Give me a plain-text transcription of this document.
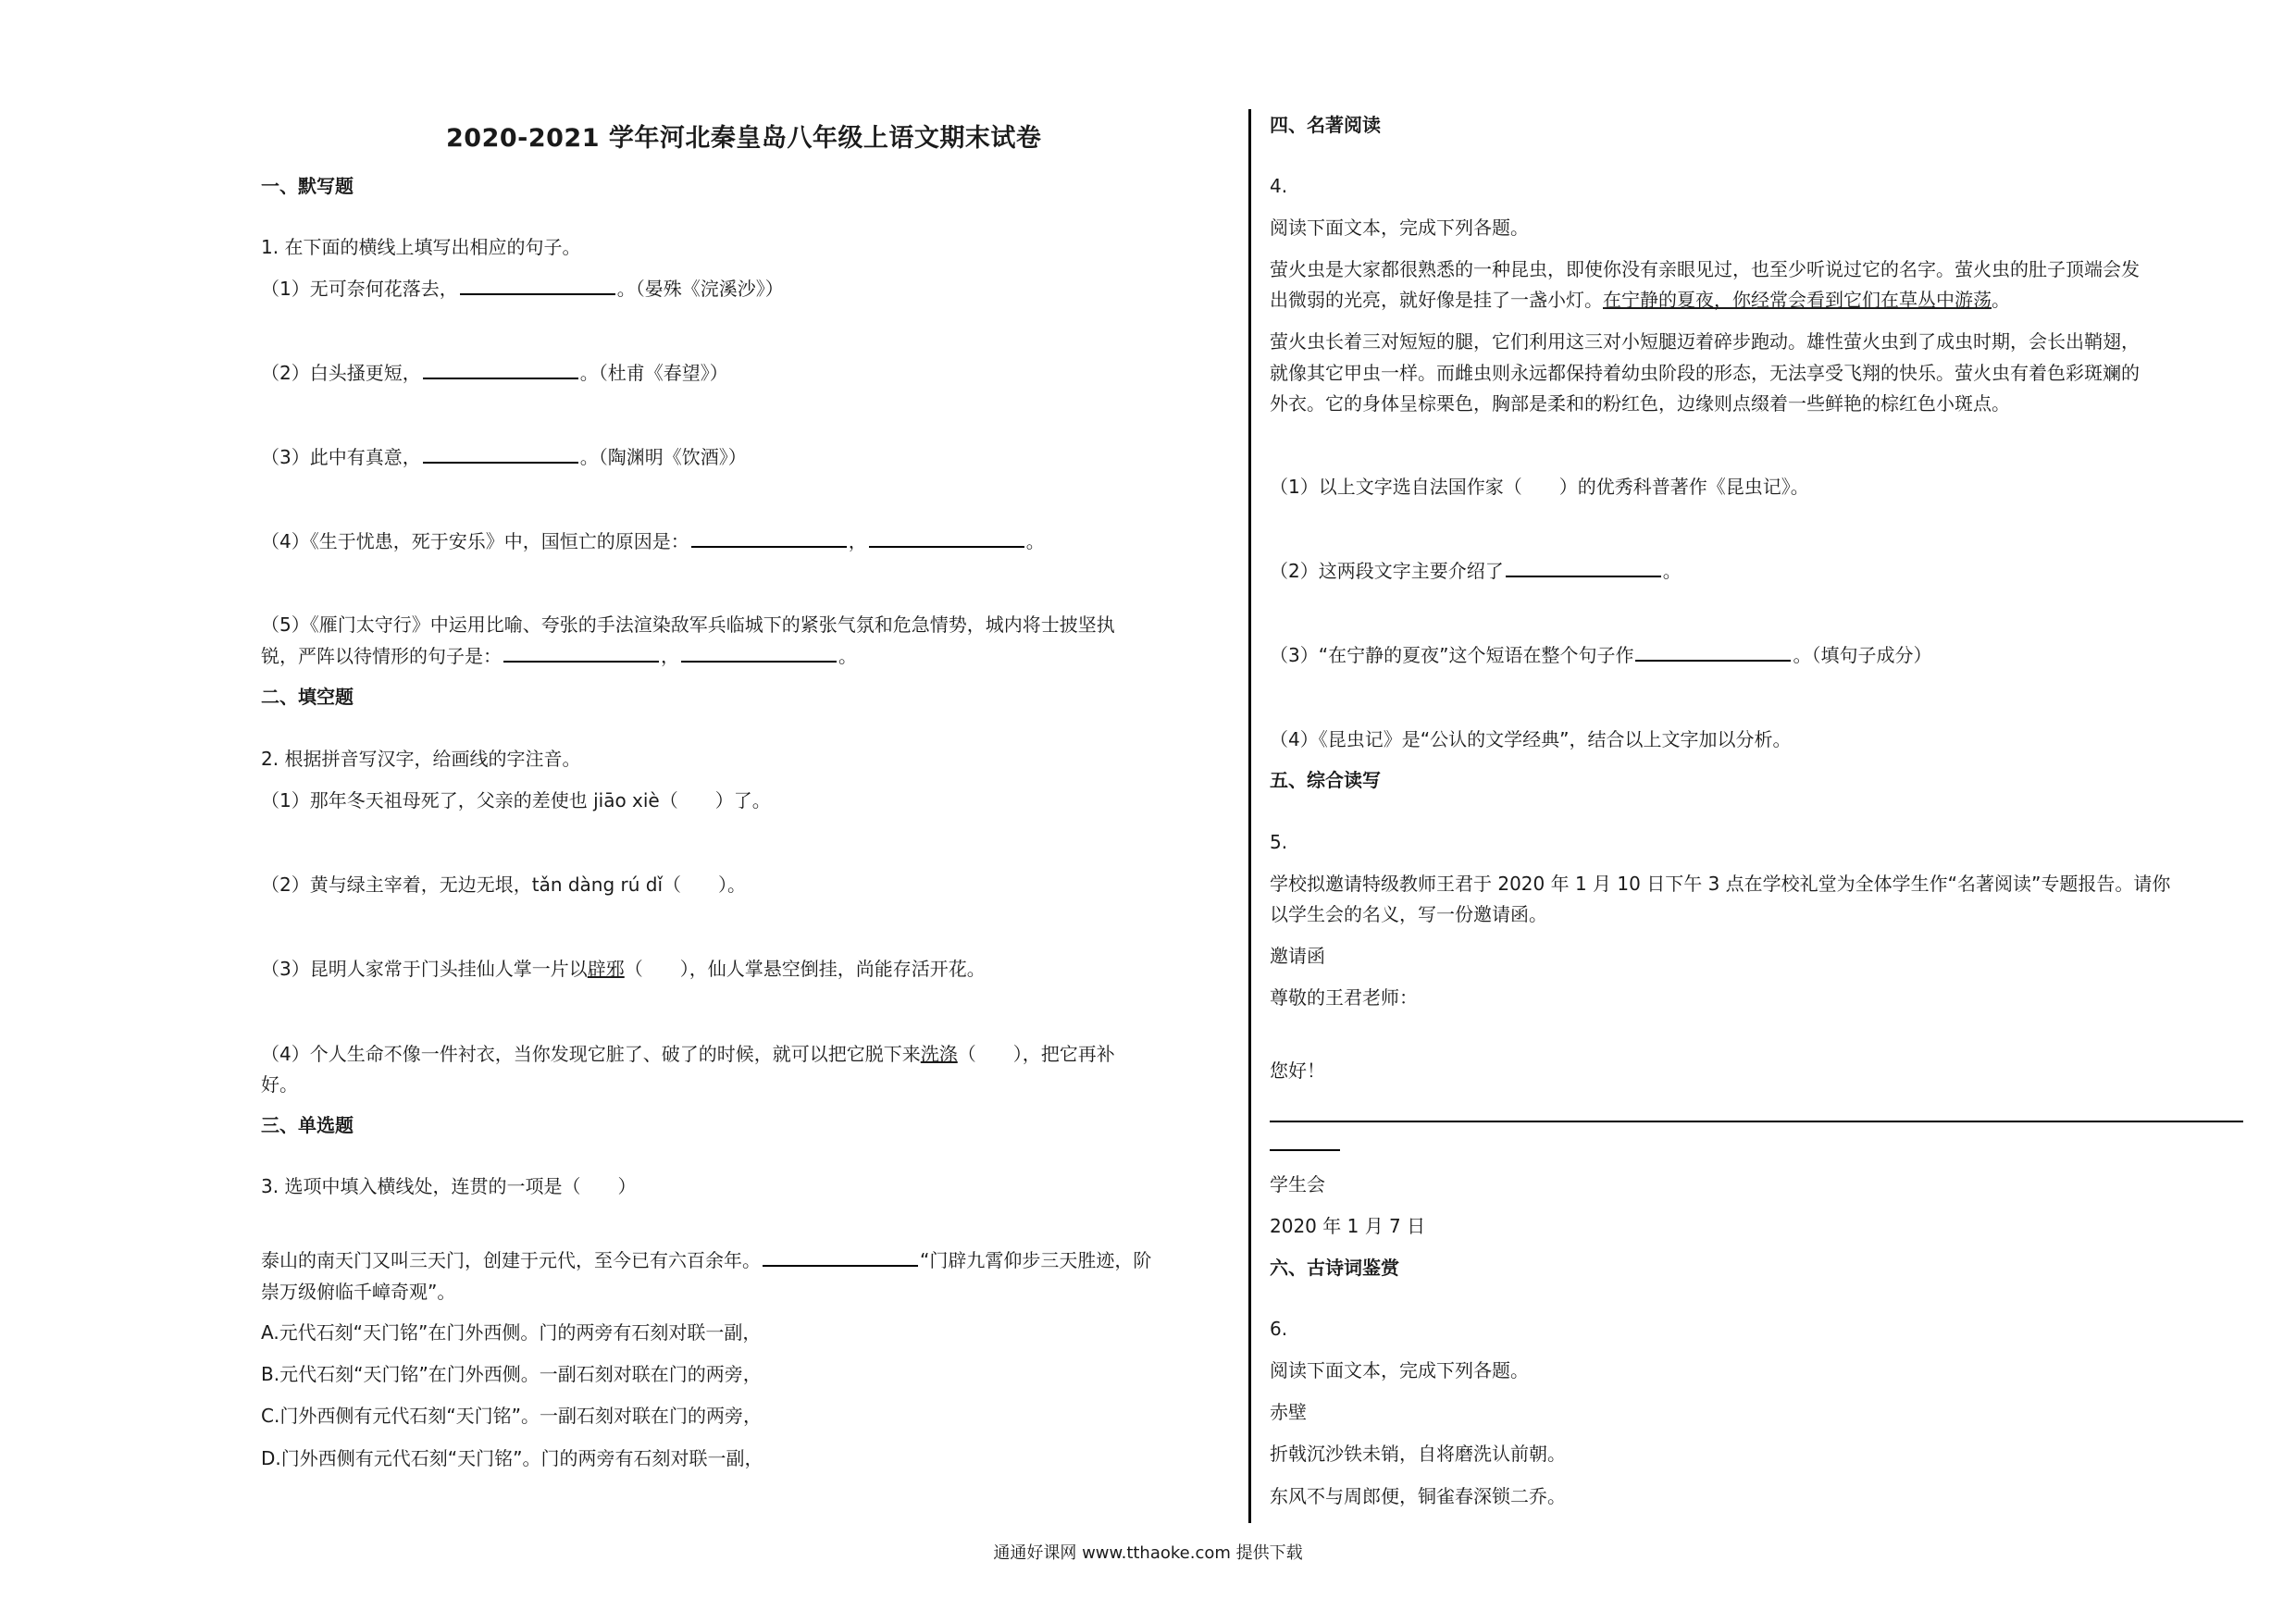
2020-2021 学年河北秦皇岛八年级上语文期末试卷
一、默写题
1. 在下面的横线上填写出相应的句子。
（1）无可奈何花落去，	。（晏殊《浣溪沙》）
（2）白头搔更短，	。（杜甫《春望》）
（3）此中有真意，	。（陶渊明《饮酒》）
（4）《生于忧患，死于安乐》中，国恒亡的原因是：	，	。
（5）《雁门太守行》中运用比喻、夸张的手法渲染敌军兵临城下的紧张气氛和危急情势，城内将士披坚执
锐，严阵以待情形的句子是：	，	。
二、填空题
2. 根据拼音写汉字，给画线的字注音。
（1）那年冬天祖母死了，父亲的差使也 jiāo xiè（　　）了。
（2）黄与绿主宰着，无边无垠，tǎn dàng rú dǐ（　　）。
（3）昆明人家常于门头挂仙人掌一片以辟邪（　　），仙人掌悬空倒挂，尚能存活开花。
（4）个人生命不像一件衬衣，当你发现它脏了、破了的时候，就可以把它脱下来洗涤（　　），把它再补
好。
三、单选题
3. 选项中填入横线处，连贯的一项是（　　）
泰山的南天门又叫三天门，创建于元代，至今已有六百余年。	“门辟九霄仰步三天胜迹，阶
崇万级俯临千嶂奇观”。
A.元代石刻“天门铭”在门外西侧。门的两旁有石刻对联一副，
B.元代石刻“天门铭”在门外西侧。一副石刻对联在门的两旁，
C.门外西侧有元代石刻“天门铭”。一副石刻对联在门的两旁，
D.门外西侧有元代石刻“天门铭”。门的两旁有石刻对联一副，
四、名著阅读
4.
阅读下面文本，完成下列各题。
萤火虫是大家都很熟悉的一种昆虫，即使你没有亲眼见过，也至少听说过它的名字。萤火虫的肚子顶端会发
出微弱的光亮，就好像是挂了一盏小灯。在宁静的夏夜，你经常会看到它们在草丛中游荡。
萤火虫长着三对短短的腿，它们利用这三对小短腿迈着碎步跑动。雄性萤火虫到了成虫时期，会长出鞘翅，
就像其它甲虫一样。而雌虫则永远都保持着幼虫阶段的形态，无法享受飞翔的快乐。萤火虫有着色彩斑斓的
外衣。它的身体呈棕栗色，胸部是柔和的粉红色，边缘则点缀着一些鲜艳的棕红色小斑点。
（1）以上文字选自法国作家（　　）的优秀科普著作《昆虫记》。
（2）这两段文字主要介绍了	。
（3）“在宁静的夏夜”这个短语在整个句子作	。（填句子成分）
（4）《昆虫记》是“公认的文学经典”，结合以上文字加以分析。
五、综合读写
5.
学校拟邀请特级教师王君于 2020 年 1 月 10 日下午 3 点在学校礼堂为全体学生作“名著阅读”专题报告。请你
以学生会的名义，写一份邀请函。
邀请函
尊敬的王君老师：
您好！
学生会
2020 年 1 月 7 日
六、古诗词鉴赏
6.
阅读下面文本，完成下列各题。
赤壁
折戟沉沙铁未销，自将磨洗认前朝。
东风不与周郎便，铜雀春深锁二乔。
通通好课网 www.tthaoke.com 提供下载
